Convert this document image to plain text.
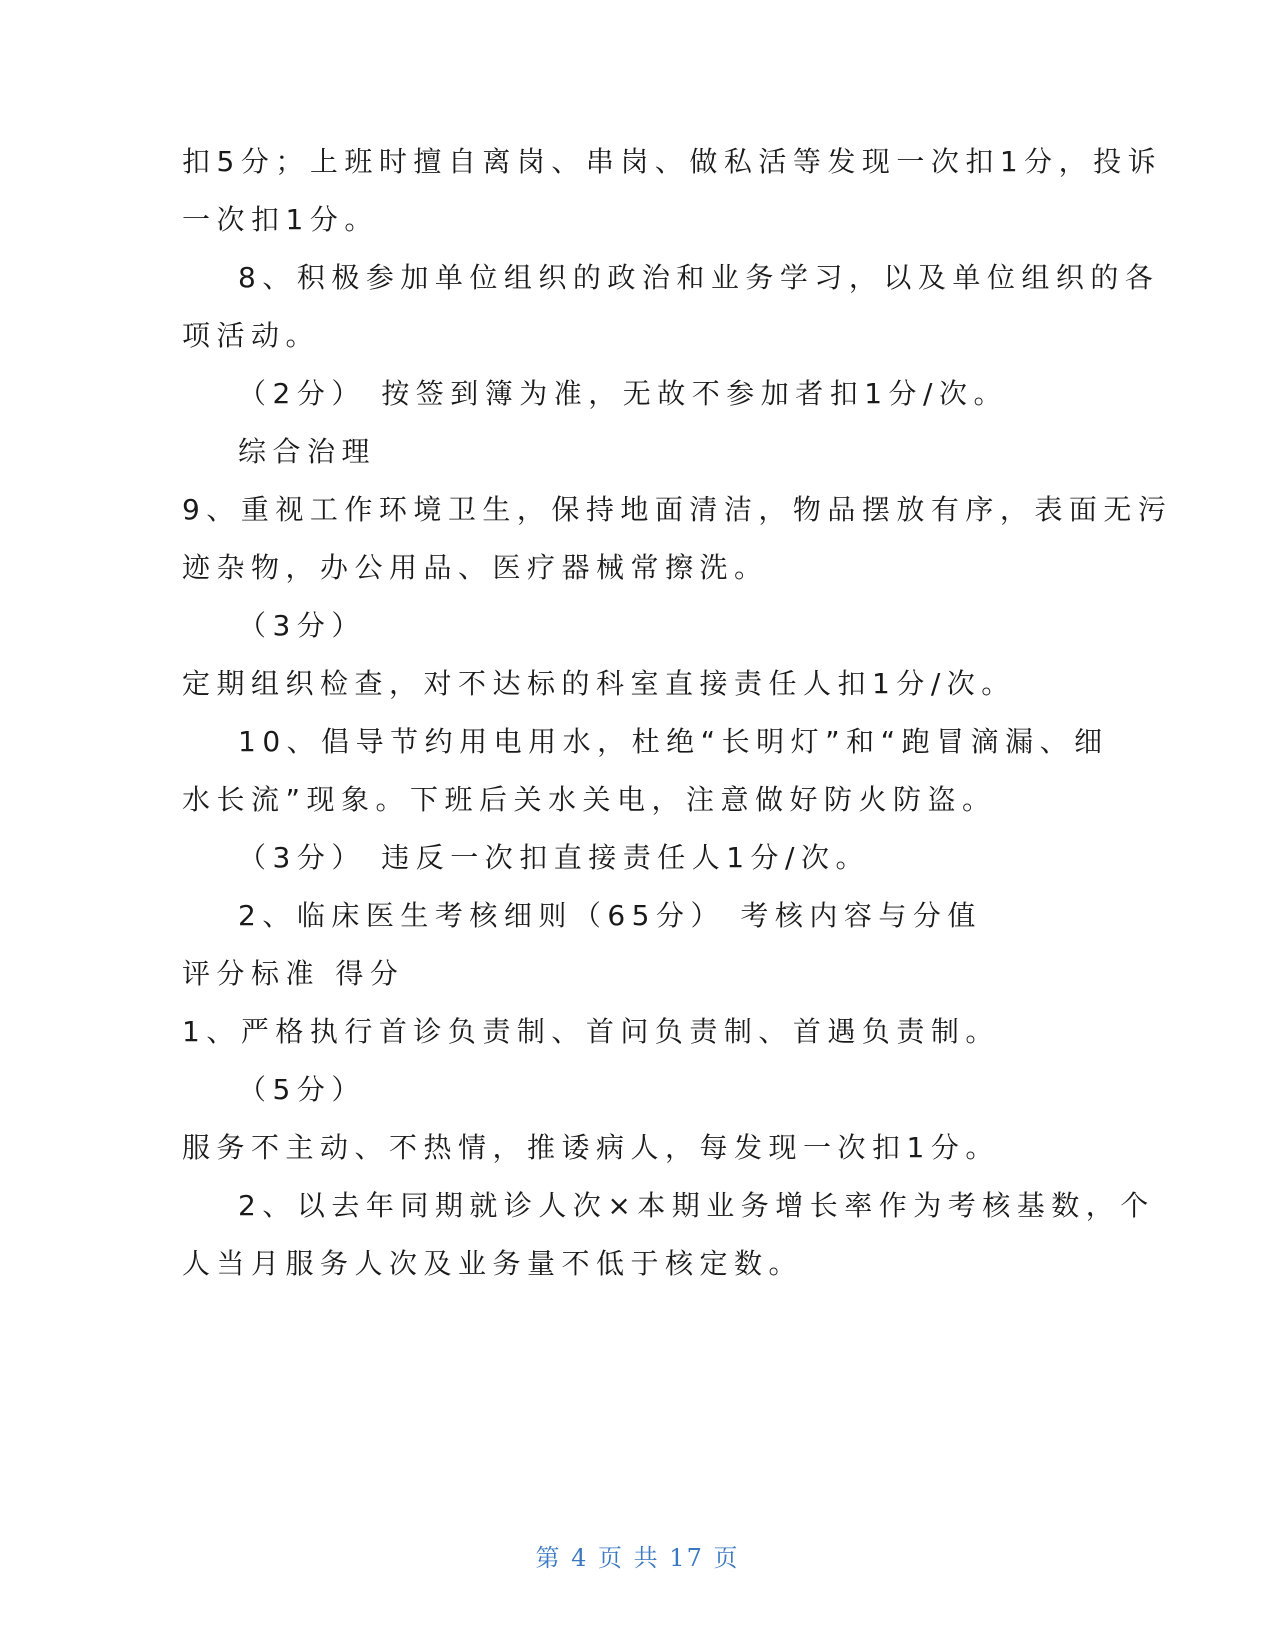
扣5分；上班时擅自离岗、串岗、做私活等发现一次扣1分，投诉
一次扣1分。
8、积极参加单位组织的政治和业务学习，以及单位组织的各
项活动。
（2分） 按签到簿为准，无故不参加者扣1分/次。
综合治理
9、重视工作环境卫生，保持地面清洁，物品摆放有序，表面无污
迹杂物，办公用品、医疗器械常擦洗。
（3分）
定期组织检查，对不达标的科室直接责任人扣1分/次。
10、倡导节约用电用水，杜绝“长明灯”和“跑冒滴漏、细
水长流”现象。下班后关水关电，注意做好防火防盗。
（3分） 违反一次扣直接责任人1分/次。
2、临床医生考核细则（65分） 考核内容与分值
评分标准 得分
1、严格执行首诊负责制、首问负责制、首遇负责制。
（5分）
服务不主动、不热情，推诿病人，每发现一次扣1分。
2、以去年同期就诊人次×本期业务增长率作为考核基数，个
人当月服务人次及业务量不低于核定数。
第 4 页 共 17 页
